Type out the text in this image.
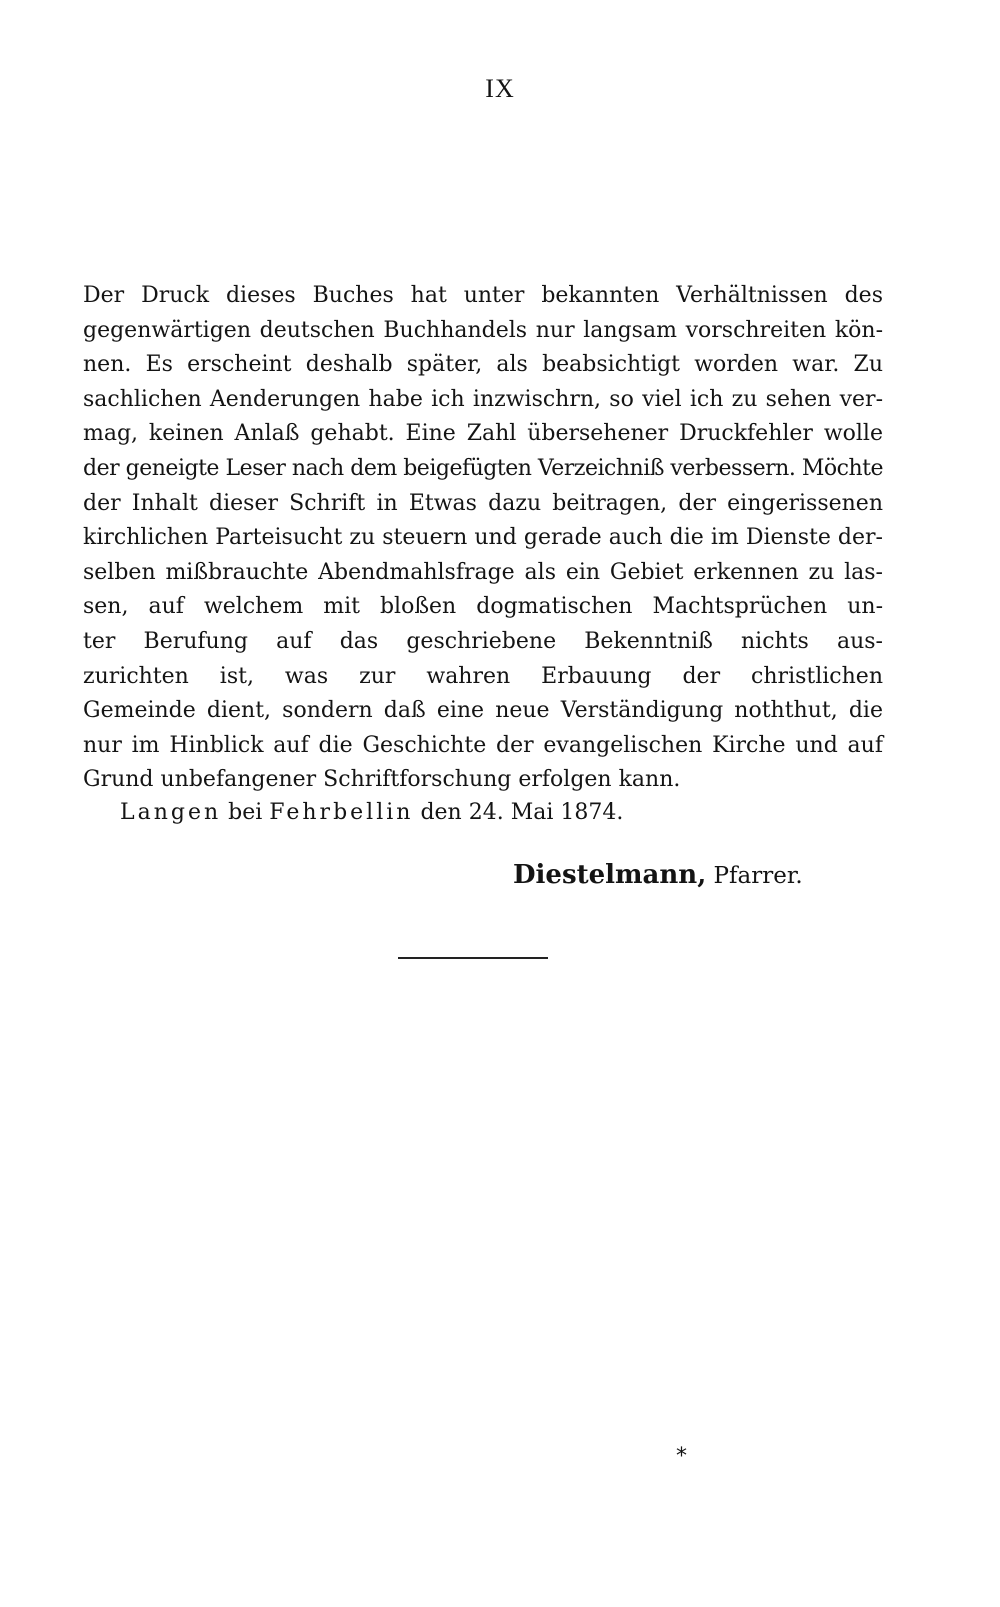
IX
Der Druck dieses Buches hat unter bekannten Verhältnissen des
gegenwärtigen deutschen Buchhandels nur langsam vorschreiten kön-
nen. Es erscheint deshalb später, als beabsichtigt worden war. Zu
sachlichen Aenderungen habe ich inzwischrn, so viel ich zu sehen ver-
mag, keinen Anlaß gehabt. Eine Zahl übersehener Druckfehler wolle
der geneigte Leser nach dem beigefügten Verzeichniß verbessern. Möchte
der Inhalt dieser Schrift in Etwas dazu beitragen, der eingerissenen
kirchlichen Parteisucht zu steuern und gerade auch die im Dienste der-
selben mißbrauchte Abendmahlsfrage als ein Gebiet erkennen zu las-
sen, auf welchem mit bloßen dogmatischen Machtsprüchen un-
ter Berufung auf das geschriebene Bekenntniß nichts aus-
zurichten ist, was zur wahren Erbauung der christlichen
Gemeinde dient, sondern daß eine neue Verständigung noththut, die
nur im Hinblick auf die Geschichte der evangelischen Kirche und auf
Grund unbefangener Schriftforschung erfolgen kann.
Langen bei Fehrbellin den 24. Mai 1874.
Diestelmann, Pfarrer.
*
